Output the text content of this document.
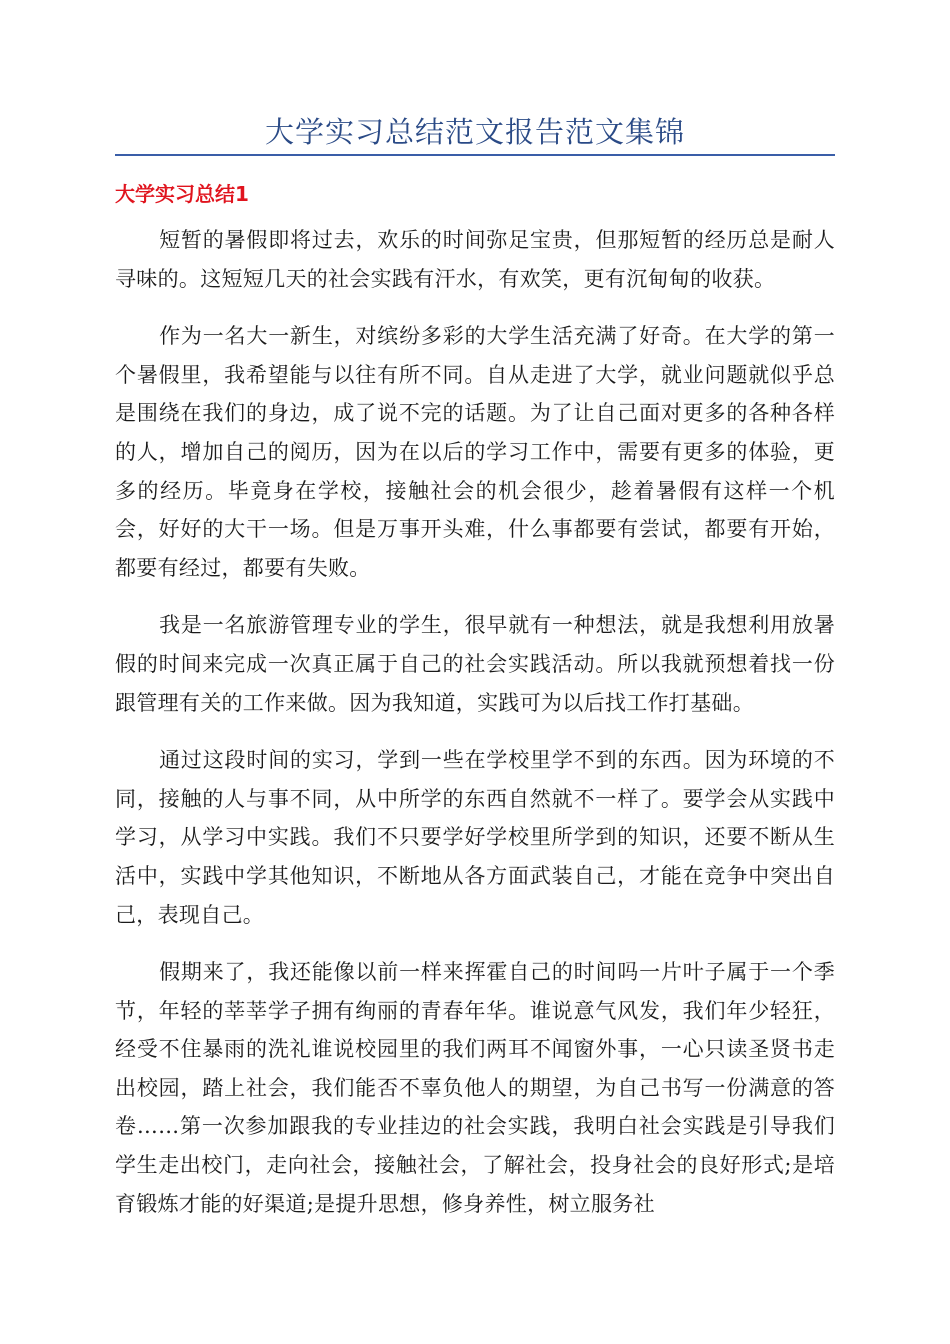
大学实习总结范文报告范文集锦
大学实习总结1

短暂的暑假即将过去，欢乐的时间弥足宝贵，但那短暂的经历总是耐人寻味的。这短短几天的社会实践有汗水，有欢笑，更有沉甸甸的收获。

作为一名大一新生，对缤纷多彩的大学生活充满了好奇。在大学的第一个暑假里，我希望能与以往有所不同。自从走进了大学，就业问题就似乎总是围绕在我们的身边，成了说不完的话题。为了让自己面对更多的各种各样的人，增加自己的阅历，因为在以后的学习工作中，需要有更多的体验，更多的经历。毕竟身在学校，接触社会的机会很少，趁着暑假有这样一个机会，好好的大干一场。但是万事开头难，什么事都要有尝试，都要有开始，都要有经过，都要有失败。

我是一名旅游管理专业的学生，很早就有一种想法，就是我想利用放暑假的时间来完成一次真正属于自己的社会实践活动。所以我就预想着找一份跟管理有关的工作来做。因为我知道，实践可为以后找工作打基础。

通过这段时间的实习，学到一些在学校里学不到的东西。因为环境的不同，接触的人与事不同，从中所学的东西自然就不一样了。要学会从实践中学习，从学习中实践。我们不只要学好学校里所学到的知识，还要不断从生活中，实践中学其他知识，不断地从各方面武装自己，才能在竞争中突出自己，表现自己。

假期来了，我还能像以前一样来挥霍自己的时间吗一片叶子属于一个季节，年轻的莘莘学子拥有绚丽的青春年华。谁说意气风发，我们年少轻狂，经受不住暴雨的洗礼谁说校园里的我们两耳不闻窗外事，一心只读圣贤书走出校园，踏上社会，我们能否不辜负他人的期望，为自己书写一份满意的答卷……第一次参加跟我的专业挂边的社会实践，我明白社会实践是引导我们学生走出校门，走向社会，接触社会，了解社会，投身社会的良好形式;是培育锻炼才能的好渠道;是提升思想，修身养性，树立服务社
